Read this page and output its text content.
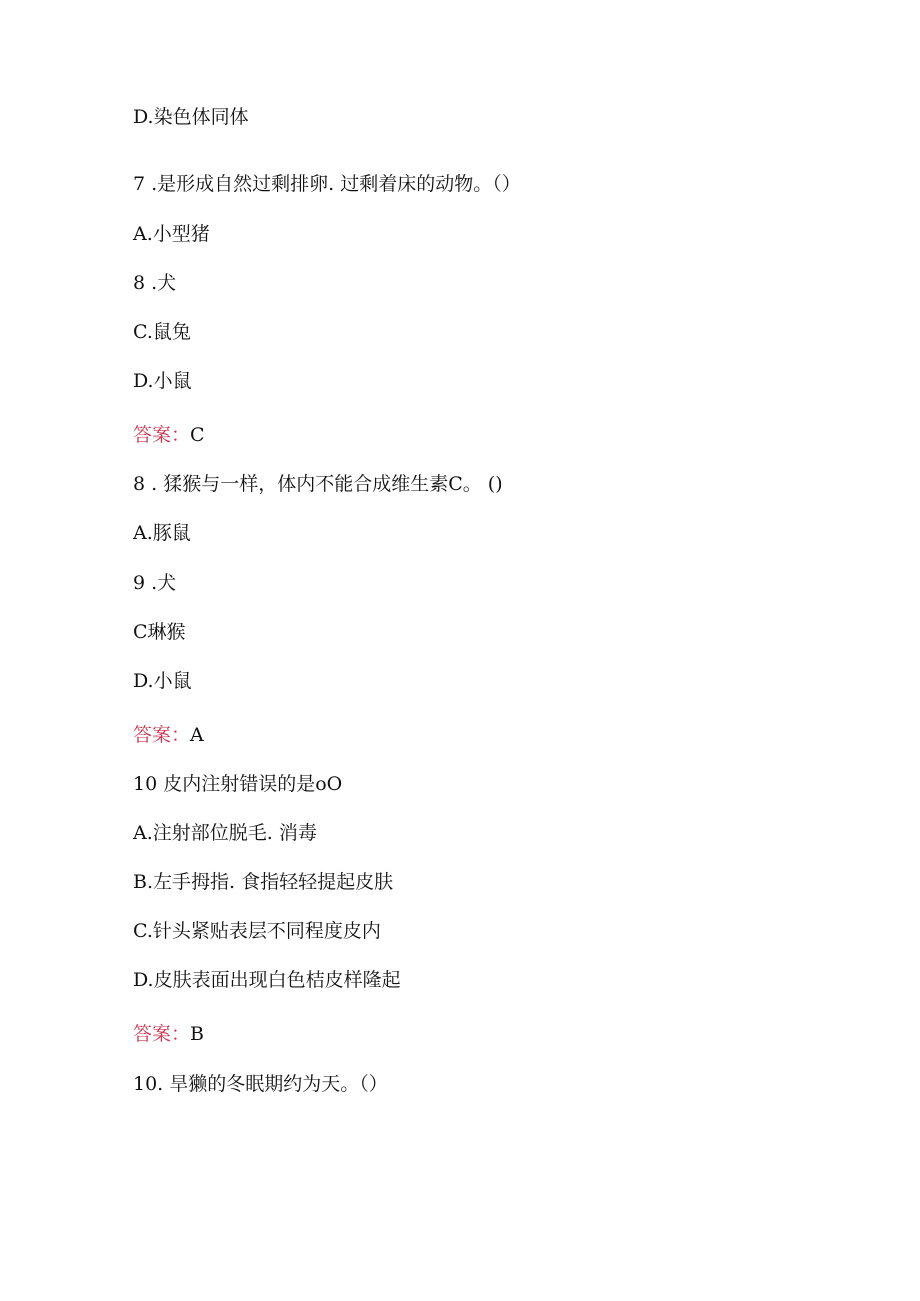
D.染色体同体
7 .是形成自然过剩排卵. 过剩着床的动物。（）
A.小型猪
8 .犬
C.鼠兔
D.小鼠
答案：C
8 . 猱猴与一样，体内不能合成维生素C。 ()
A.豚鼠
9 .犬
C琳猴
D.小鼠
答案：A
10 皮内注射错误的是oO
A.注射部位脱毛. 消毒
B.左手拇指. 食指轻轻提起皮肤
C.针头紧贴表层不同程度皮内
D.皮肤表面出现白色桔皮样隆起
答案：B
10. 旱獭的冬眠期约为天。（）
